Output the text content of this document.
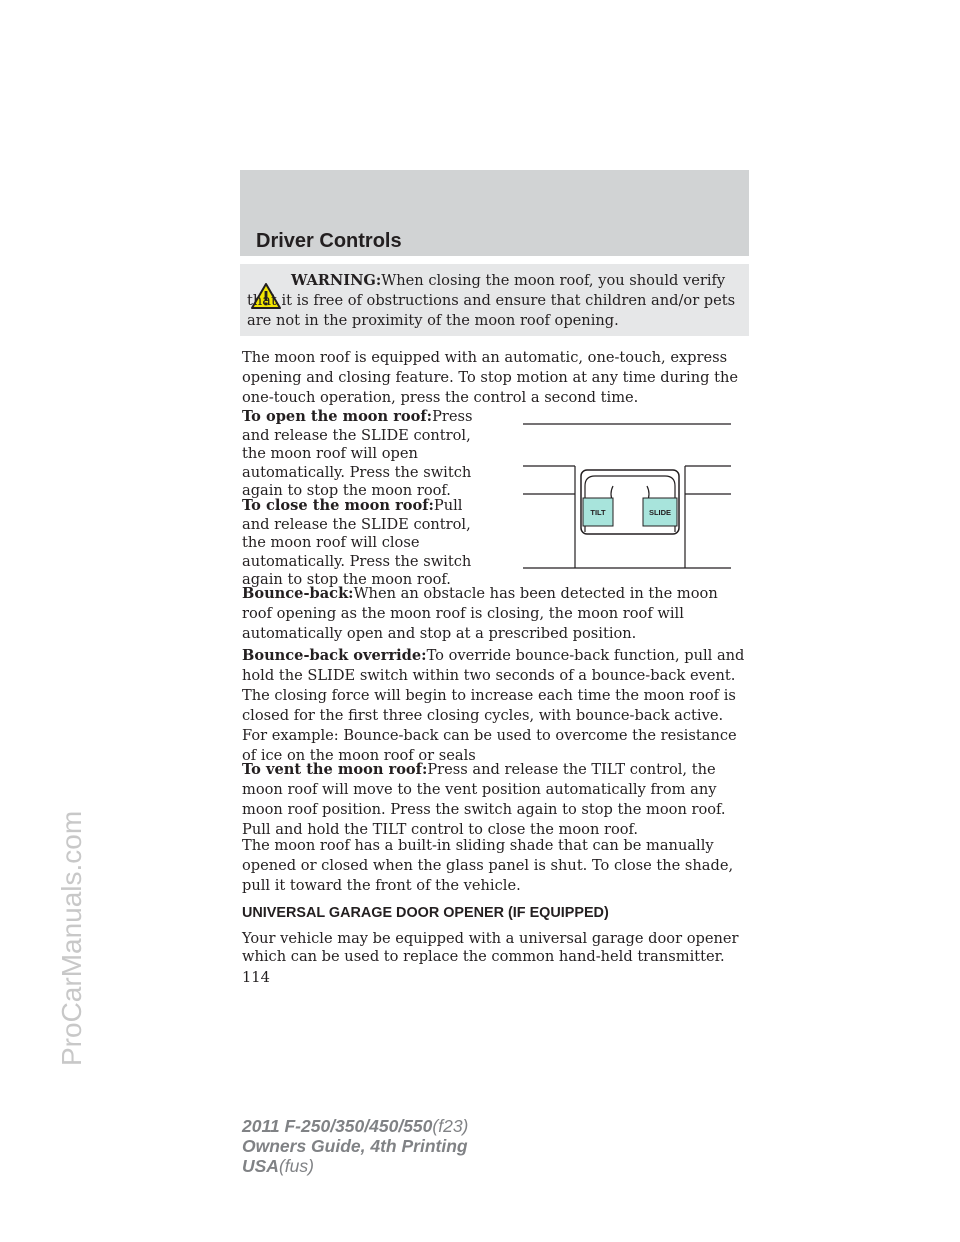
Driver Controls
WARNING:When closing the moon roof, you should verify that it is free of obstructions and ensure that children and/or pets are not in the proximity of the moon roof opening.

The moon roof is equipped with an automatic, one-touch, express opening and closing feature. To stop motion at any time during the one-touch operation, press the control a second time.

To open the moon roof:Press and release the SLIDE control, the moon roof will open automatically. Press the switch again to stop the moon roof.

To close the moon roof:Pull and release the SLIDE control, the moon roof will close automatically. Press the switch again to stop the moon roof.

TILT	SLIDE

Bounce-back:When an obstacle has been detected in the moon roof opening as the moon roof is closing, the moon roof will automatically open and stop at a prescribed position.

Bounce-back override:To override bounce-back function, pull and hold the SLIDE switch within two seconds of a bounce-back event. The closing force will begin to increase each time the moon roof is closed for the first three closing cycles, with bounce-back active. For example: Bounce-back can be used to overcome the resistance of ice on the moon roof or seals

To vent the moon roof:Press and release the TILT control, the moon roof will move to the vent position automatically from any moon roof position. Press the switch again to stop the moon roof. Pull and hold the TILT control to close the moon roof.

The moon roof has a built-in sliding shade that can be manually opened or closed when the glass panel is shut. To close the shade, pull it toward the front of the vehicle.

UNIVERSAL GARAGE DOOR OPENER (IF EQUIPPED)

Your vehicle may be equipped with a universal garage door opener which can be used to replace the common hand-held transmitter.

114
2011 F-250/350/450/550(f23)
Owners Guide, 4th Printing
USA(fus)
ProCarManuals.com
